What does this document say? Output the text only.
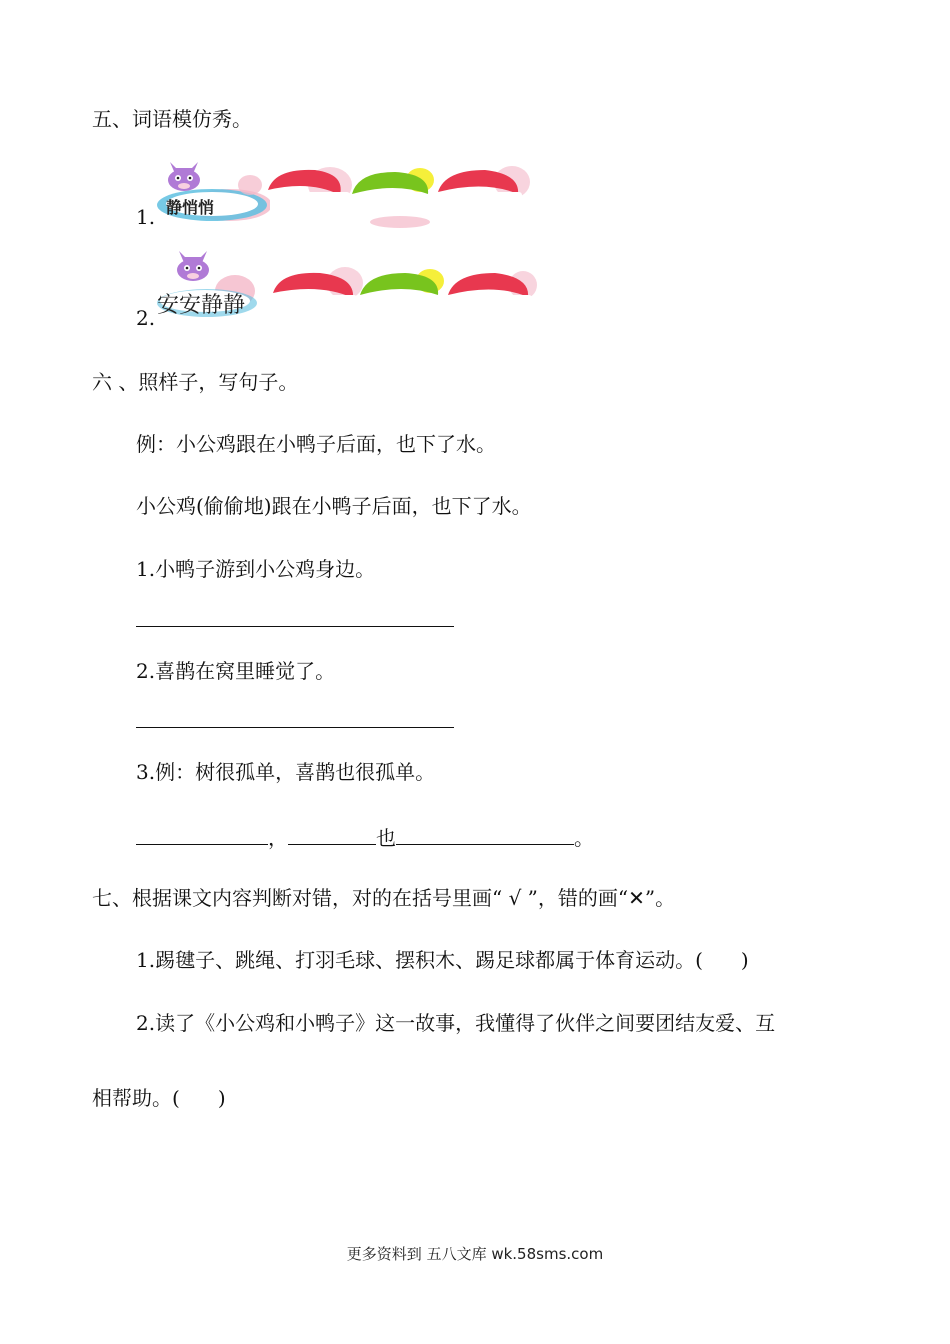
五、词语模仿秀。
1. 静悄悄
2. 安安静静
六 、照样子，写句子。
例：小公鸡跟在小鸭子后面，也下了水。
小公鸡(偷偷地)跟在小鸭子后面，也下了水。
1.小鸭子游到小公鸡身边。
2.喜鹊在窝里睡觉了。
3.例：树很孤单，喜鹊也很孤单。
，	也	。
七、根据课文内容判断对错，对的在括号里画“ √ ”，错的画“✕”。
1.踢毽子、跳绳、打羽毛球、摆积木、踢足球都属于体育运动。( )
2.读了《小公鸡和小鸭子》这一故事，我懂得了伙伴之间要团结友爱、互
相帮助。( )
更多资料到 五八文库 wk.58sms.com
